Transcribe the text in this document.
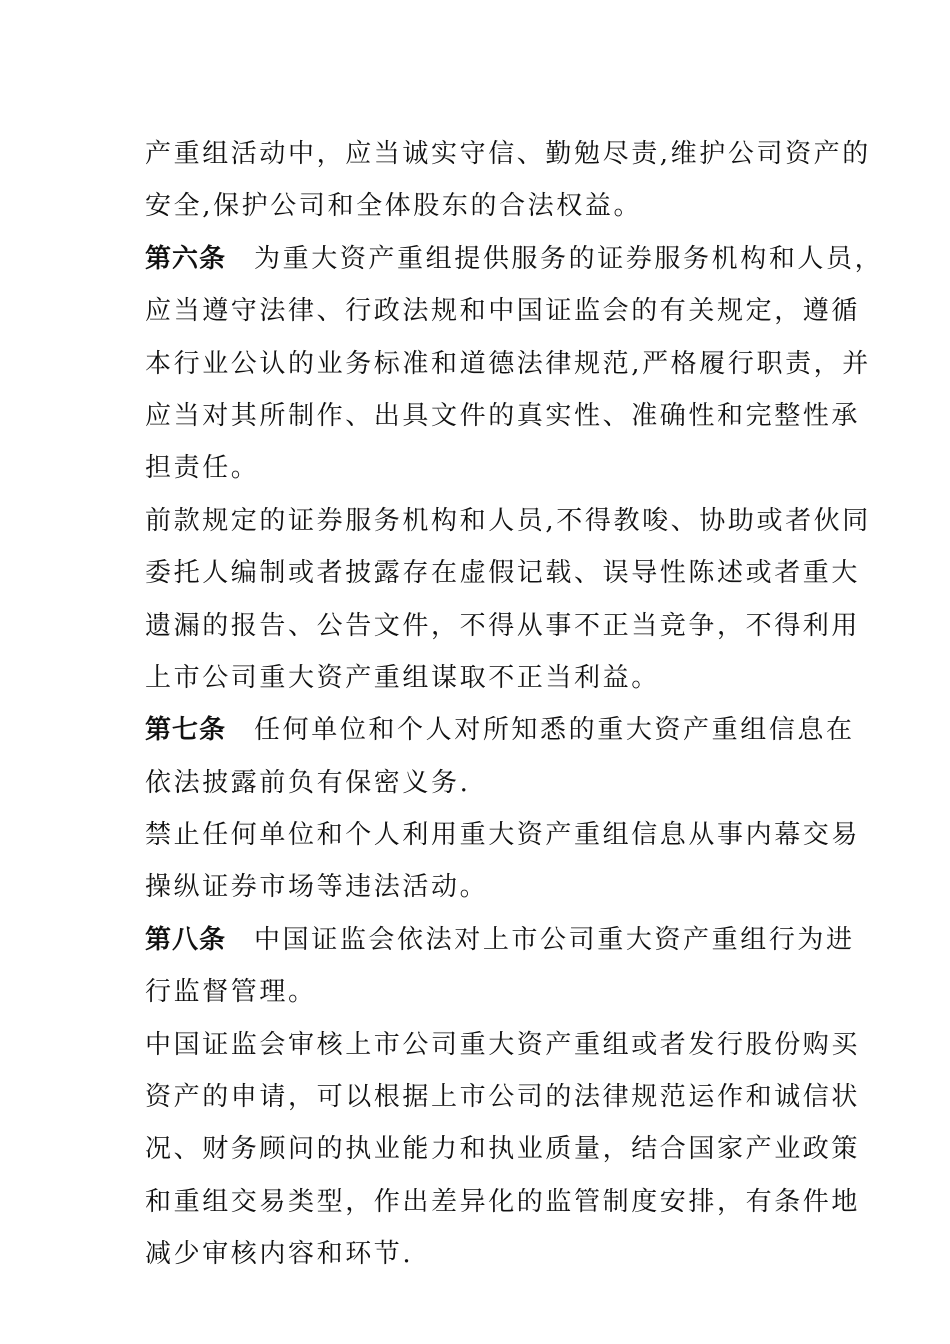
产重组活动中，应当诚实守信、勤勉尽责,维护公司资产的
安全,保护公司和全体股东的合法权益。
第六条 为重大资产重组提供服务的证券服务机构和人员，
应当遵守法律、行政法规和中国证监会的有关规定，遵循
本行业公认的业务标准和道德法律规范,严格履行职责，并
应当对其所制作、出具文件的真实性、准确性和完整性承
担责任。
前款规定的证券服务机构和人员,不得教唆、协助或者伙同
委托人编制或者披露存在虚假记载、误导性陈述或者重大
遗漏的报告、公告文件，不得从事不正当竞争，不得利用
上市公司重大资产重组谋取不正当利益。
第七条 任何单位和个人对所知悉的重大资产重组信息在
依法披露前负有保密义务.
禁止任何单位和个人利用重大资产重组信息从事内幕交易
操纵证券市场等违法活动。
第八条 中国证监会依法对上市公司重大资产重组行为进
行监督管理。
中国证监会审核上市公司重大资产重组或者发行股份购买
资产的申请，可以根据上市公司的法律规范运作和诚信状
况、财务顾问的执业能力和执业质量，结合国家产业政策
和重组交易类型，作出差异化的监管制度安排，有条件地
减少审核内容和环节.
